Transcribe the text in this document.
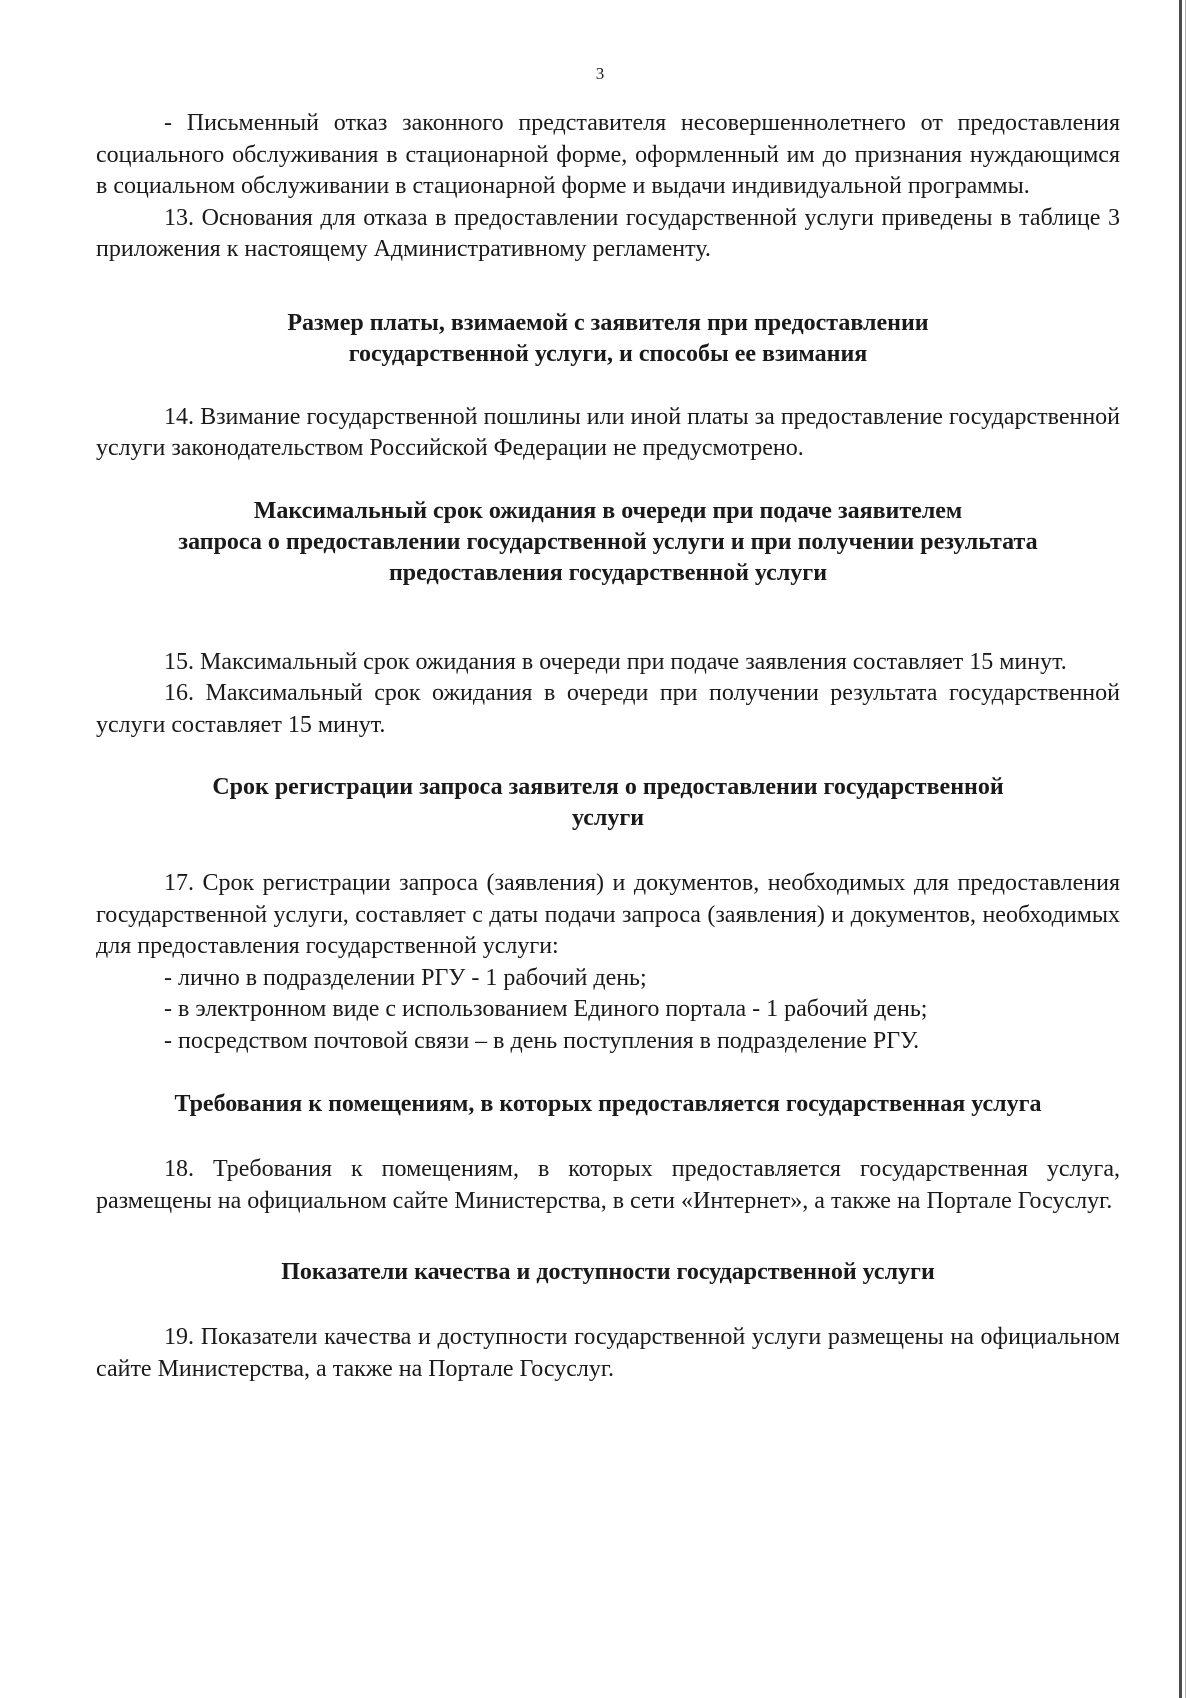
3

- Письменный отказ законного представителя несовершеннолетнего от предоставления социального обслуживания в стационарной форме, оформленный им до признания нуждающимся в социальном обслуживании в стационарной форме и выдачи индивидуальной программы.

13. Основания для отказа в предоставлении государственной услуги приведены в таблице 3 приложения к настоящему Административному регламенту.

Размер платы, взимаемой с заявителя при предоставлении
государственной услуги, и способы ее взимания

14. Взимание государственной пошлины или иной платы за предоставление государственной услуги законодательством Российской Федерации не предусмотрено.

Максимальный срок ожидания в очереди при подаче заявителем
запроса о предоставлении государственной услуги и при получении результата
предоставления государственной услуги

15. Максимальный срок ожидания в очереди при подаче заявления составляет 15 минут.

16. Максимальный срок ожидания в очереди при получении результата государственной услуги составляет 15 минут.

Срок регистрации запроса заявителя о предоставлении государственной
услуги

17. Срок регистрации запроса (заявления) и документов, необходимых для предоставления государственной услуги, составляет с даты подачи запроса (заявления) и документов, необходимых для предоставления государственной услуги:

- лично в подразделении РГУ - 1 рабочий день;
- в электронном виде с использованием Единого портала - 1 рабочий день;
- посредством почтовой связи – в день поступления в подразделение РГУ.
Требования к помещениям, в которых предоставляется государственная услуга

18. Требования к помещениям, в которых предоставляется государственная услуга, размещены на официальном сайте Министерства, в сети «Интернет», а также на Портале Госуслуг.

Показатели качества и доступности государственной услуги

19. Показатели качества и доступности государственной услуги размещены на официальном сайте Министерства, а также на Портале Госуслуг.
